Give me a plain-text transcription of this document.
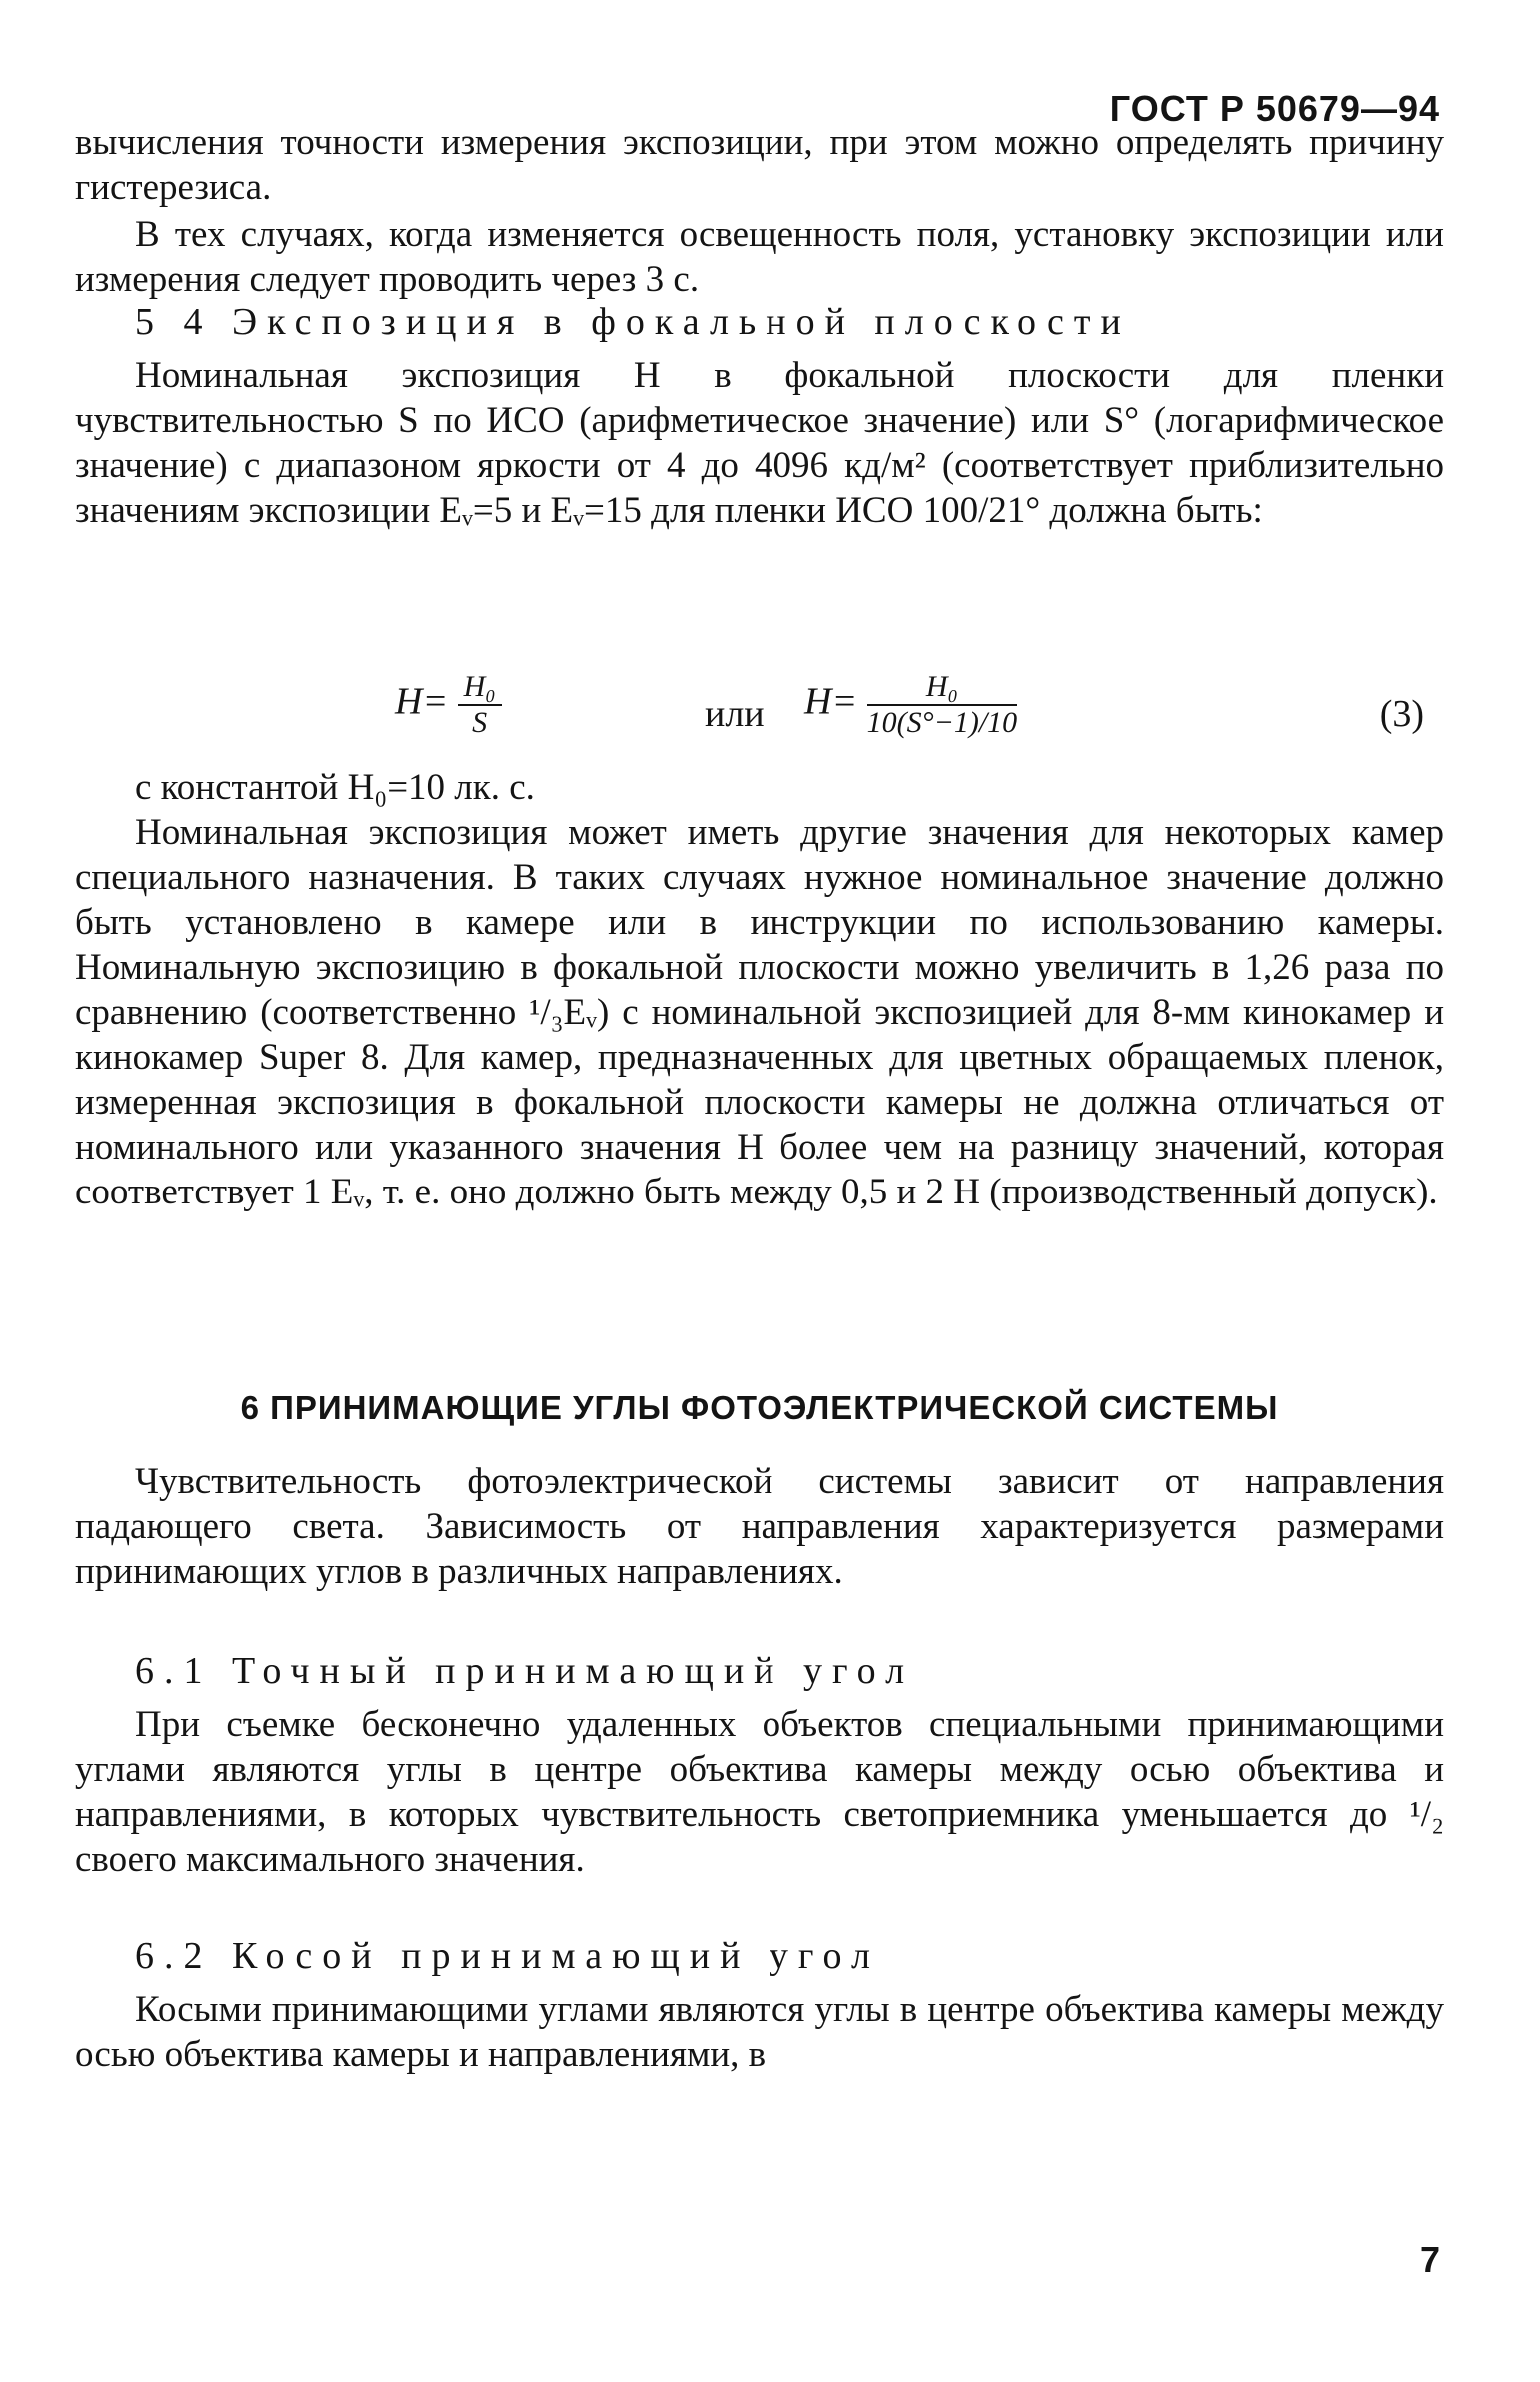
ГОСТ Р 50679—94

вычисления точности измерения экспозиции, при этом можно определять причину гистерезиса.

В тех случаях, когда изменяется освещенность поля, установку экспозиции или измерения следует проводить через 3 с.

5 4 Экспозиция в фокальной плоскости

Номинальная экспозиция H в фокальной плоскости для пленки чувствительностью S по ИСО (арифметическое значение) или S° (логарифмическое значение) с диапазоном яркости от 4 до 4096 кд/м² (соответствует приблизительно значениям экспозиции Eᵥ=5 и Eᵥ=15 для пленки ИСО 100/21° должна быть:

$H= \frac{\text{H₀}}{S}$	или $H= \frac{\text{H₀}}{10(S^\circ-1)/10}$	(3)

с константой H₀=10 лк. с.

Номинальная экспозиция может иметь другие значения для некоторых камер специального назначения. В таких случаях нужное номинальное значение должно быть установлено в камере или в инструкции по использованию камеры. Номинальную экспозицию в фокальной плоскости можно увеличить в 1,26 раза по сравнению (соответственно ¹/₃Eᵥ) с номинальной экспозицией для 8-мм кинокамер и кинокамер Super 8. Для камер, предназначенных для цветных обращаемых пленок, измеренная экспозиция в фокальной плоскости камеры не должна отличаться от номинального или указанного значения H более чем на разницу значений, которая соответствует 1 Eᵥ, т. е. оно должно быть между 0,5 и 2 H (производственный допуск).

6 ПРИНИМАЮЩИЕ УГЛЫ ФОТОЭЛЕКТРИЧЕСКОЙ СИСТЕМЫ

Чувствительность фотоэлектрической системы зависит от направления падающего света. Зависимость от направления характеризуется размерами принимающих углов в различных направлениях.

6.1 Точный принимающий угол

При съемке бесконечно удаленных объектов специальными принимающими углами являются углы в центре объектива камеры между осью объектива и направлениями, в которых чувствительность светоприемника уменьшается до ¹/₂ своего максимального значения.

6.2 Косой принимающий угол

Косыми принимающими углами являются углы в центре объектива камеры между осью объектива камеры и направлениями, в

7
